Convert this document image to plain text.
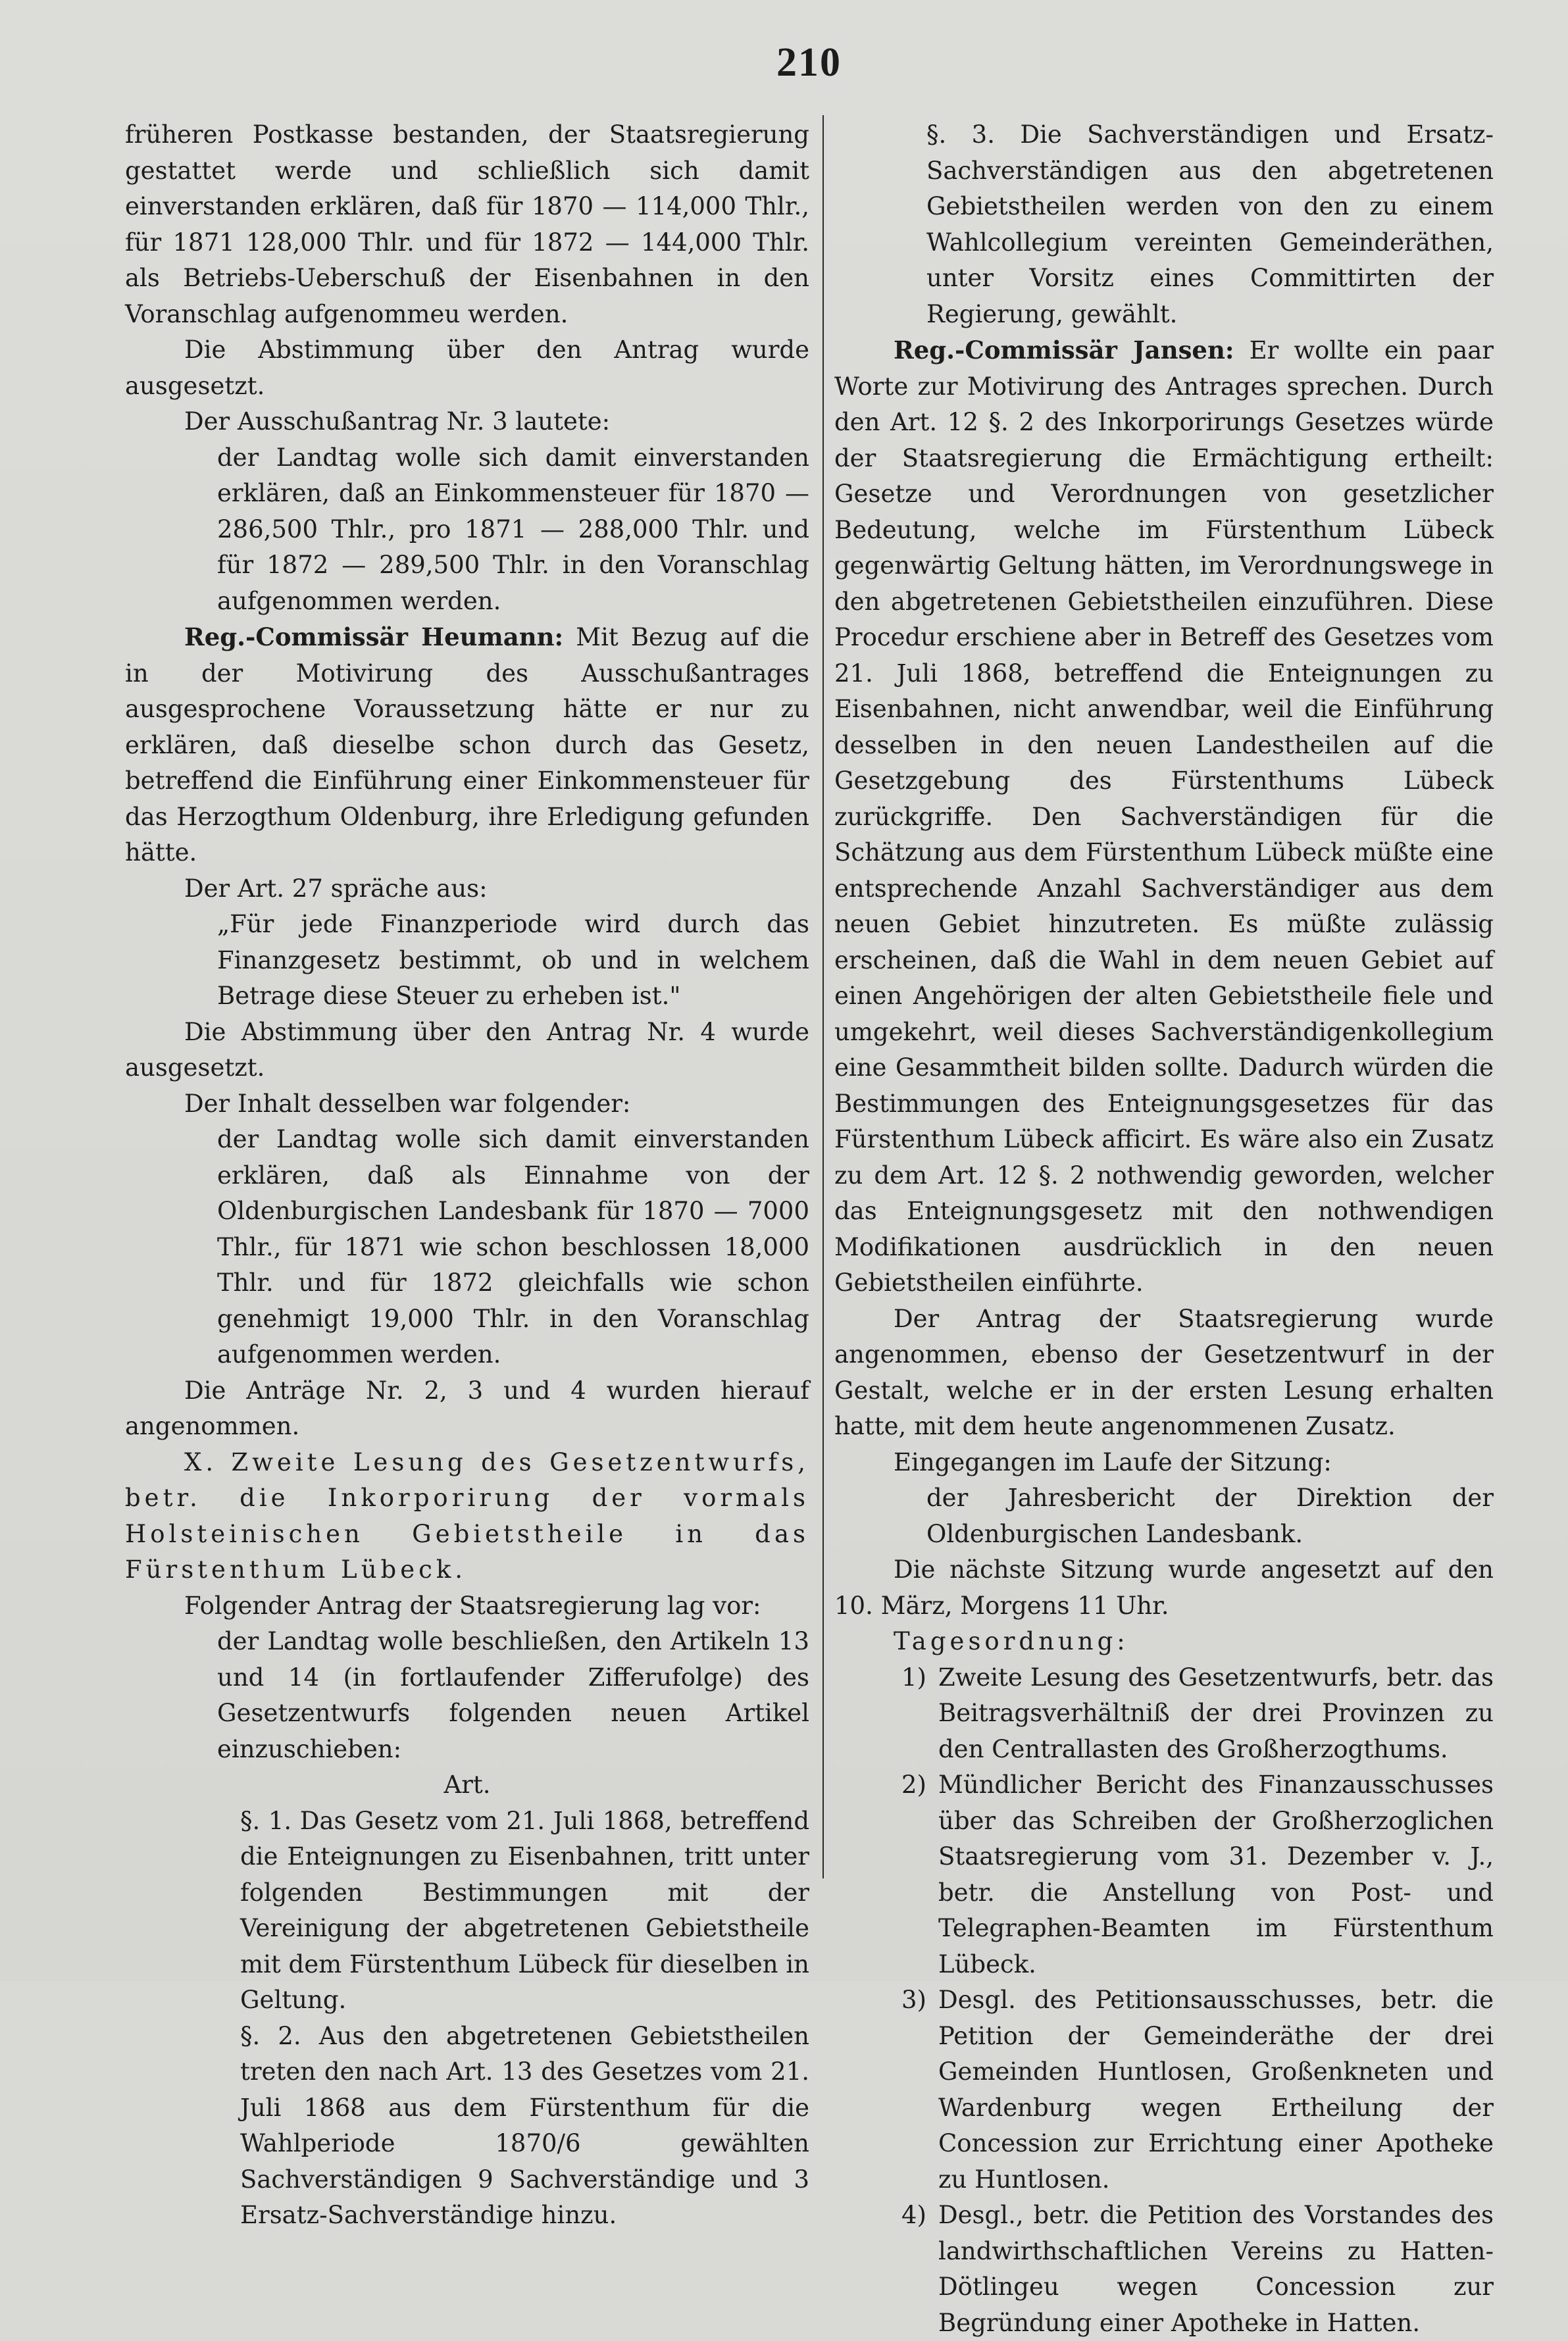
210

früheren Postkasse bestanden, der Staatsregierung gestattet werde und schließlich sich damit einverstanden erklären, daß für 1870 — 114,000 Thlr., für 1871 128,000 Thlr. und für 1872 — 144,000 Thlr. als Betriebs-Ueberschuß der Eisenbahnen in den Voranschlag aufgenommeu werden.

Die Abstimmung über den Antrag wurde ausgesetzt.

Der Ausschußantrag Nr. 3 lautete:

der Landtag wolle sich damit einverstanden erklären, daß an Einkommensteuer für 1870 — 286,500 Thlr., pro 1871 — 288,000 Thlr. und für 1872 — 289,500 Thlr. in den Voranschlag aufgenommen werden.

Reg.-Commissär Heumann: Mit Bezug auf die in der Motivirung des Ausschußantrages ausgesprochene Voraussetzung hätte er nur zu erklären, daß dieselbe schon durch das Gesetz, betreffend die Einführung einer Einkommensteuer für das Herzogthum Oldenburg, ihre Erledigung gefunden hätte.

Der Art. 27 spräche aus:

„Für jede Finanzperiode wird durch das Finanzgesetz bestimmt, ob und in welchem Betrage diese Steuer zu erheben ist."

Die Abstimmung über den Antrag Nr. 4 wurde ausgesetzt.

Der Inhalt desselben war folgender:

der Landtag wolle sich damit einverstanden erklären, daß als Einnahme von der Oldenburgischen Landesbank für 1870 — 7000 Thlr., für 1871 wie schon beschlossen 18,000 Thlr. und für 1872 gleichfalls wie schon genehmigt 19,000 Thlr. in den Voranschlag aufgenommen werden.

Die Anträge Nr. 2, 3 und 4 wurden hierauf angenommen.

X. Zweite Lesung des Gesetzentwurfs, betr. die Inkorporirung der vormals Holsteinischen Gebietstheile in das Fürstenthum Lübeck.

Folgender Antrag der Staatsregierung lag vor:

der Landtag wolle beschließen, den Artikeln 13 und 14 (in fortlaufender Zifferufolge) des Gesetzentwurfs folgenden neuen Artikel einzuschieben:

Art.

§. 1. Das Gesetz vom 21. Juli 1868, betreffend die Enteignungen zu Eisenbahnen, tritt unter folgenden Bestimmungen mit der Vereinigung der abgetretenen Gebietstheile mit dem Fürstenthum Lübeck für dieselben in Geltung.

§. 2. Aus den abgetretenen Gebietstheilen treten den nach Art. 13 des Gesetzes vom 21. Juli 1868 aus dem Fürstenthum für die Wahlperiode 1870/6 gewählten Sachverständigen 9 Sachverständige und 3 Ersatz-Sachverständige hinzu.

§. 3. Die Sachverständigen und Ersatz-Sachverständigen aus den abgetretenen Gebietstheilen werden von den zu einem Wahlcollegium vereinten Gemeinderäthen, unter Vorsitz eines Committirten der Regierung, gewählt.

Reg.-Commissär Jansen: Er wollte ein paar Worte zur Motivirung des Antrages sprechen. Durch den Art. 12 §. 2 des Inkorporirungs Gesetzes würde der Staatsregierung die Ermächtigung ertheilt: Gesetze und Verordnungen von gesetzlicher Bedeutung, welche im Fürstenthum Lübeck gegenwärtig Geltung hätten, im Verordnungswege in den abgetretenen Gebietstheilen einzuführen. Diese Procedur erschiene aber in Betreff des Gesetzes vom 21. Juli 1868, betreffend die Enteignungen zu Eisenbahnen, nicht anwendbar, weil die Einführung desselben in den neuen Landestheilen auf die Gesetzgebung des Fürstenthums Lübeck zurückgriffe. Den Sachverständigen für die Schätzung aus dem Fürstenthum Lübeck müßte eine entsprechende Anzahl Sachverständiger aus dem neuen Gebiet hinzutreten. Es müßte zulässig erscheinen, daß die Wahl in dem neuen Gebiet auf einen Angehörigen der alten Gebietstheile fiele und umgekehrt, weil dieses Sachverständigenkollegium eine Gesammtheit bilden sollte. Dadurch würden die Bestimmungen des Enteignungsgesetzes für das Fürstenthum Lübeck afficirt. Es wäre also ein Zusatz zu dem Art. 12 §. 2 nothwendig geworden, welcher das Enteignungsgesetz mit den nothwendigen Modifikationen ausdrücklich in den neuen Gebietstheilen einführte.

Der Antrag der Staatsregierung wurde angenommen, ebenso der Gesetzentwurf in der Gestalt, welche er in der ersten Lesung erhalten hatte, mit dem heute angenommenen Zusatz.

Eingegangen im Laufe der Sitzung:

der Jahresbericht der Direktion der Oldenburgischen Landesbank.

Die nächste Sitzung wurde angesetzt auf den 10. März, Morgens 11 Uhr.

Tagesordnung:

1) Zweite Lesung des Gesetzentwurfs, betr. das Beitragsverhältniß der drei Provinzen zu den Centrallasten des Großherzogthums.
2) Mündlicher Bericht des Finanzausschusses über das Schreiben der Großherzoglichen Staatsregierung vom 31. Dezember v. J., betr. die Anstellung von Post- und Telegraphen-Beamten im Fürstenthum Lübeck.
3) Desgl. des Petitionsausschusses, betr. die Petition der Gemeinderäthe der drei Gemeinden Huntlosen, Großenkneten und Wardenburg wegen Ertheilung der Concession zur Errichtung einer Apotheke zu Huntlosen.
4) Desgl., betr. die Petition des Vorstandes des landwirthschaftlichen Vereins zu Hatten-Dötlingeu wegen Concession zur Begründung einer Apotheke in Hatten.
